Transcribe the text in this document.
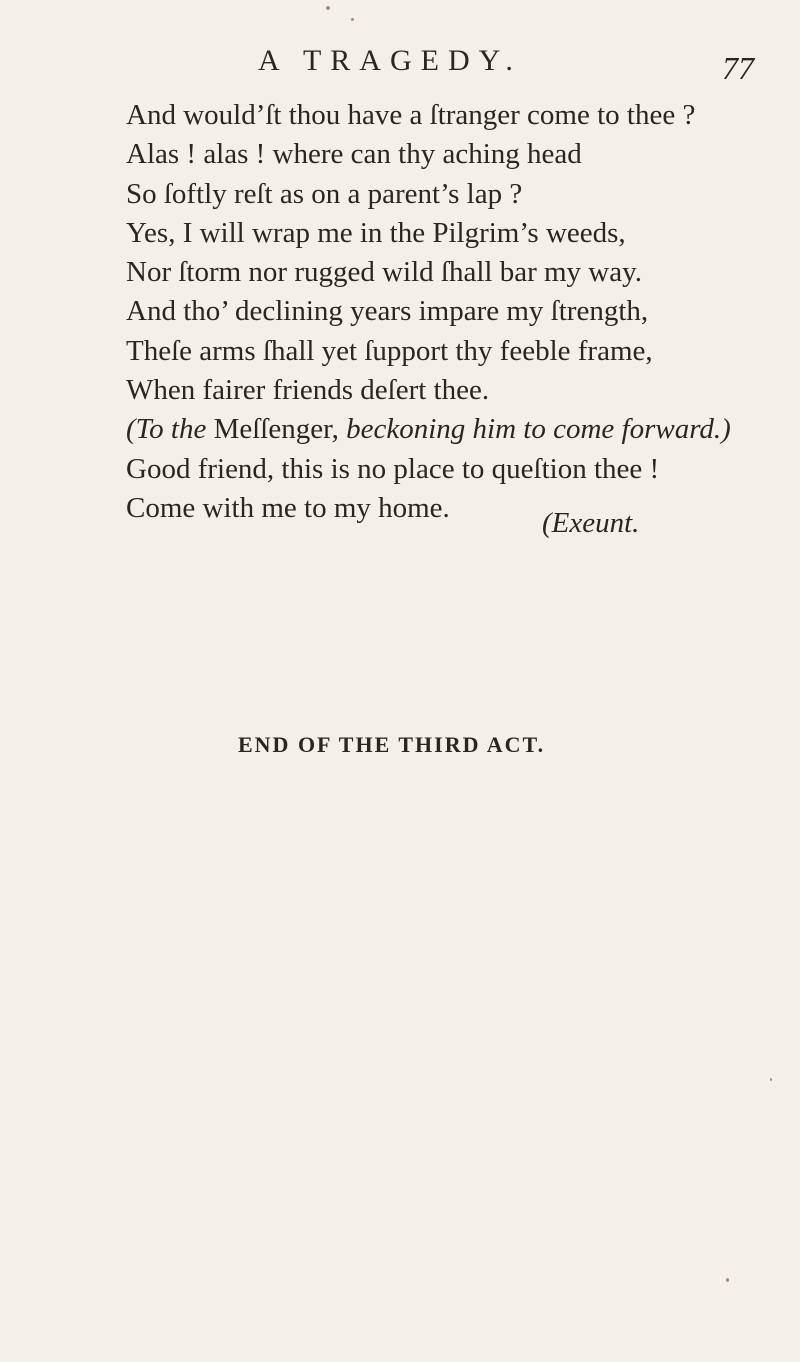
A TRAGEDY.	77
And would’ſt thou have a ſtranger come to thee ?
Alas ! alas ! where can thy aching head
So ſoftly reſt as on a parent’s lap ?
Yes, I will wrap me in the Pilgrim’s weeds,
Nor ſtorm nor rugged wild ſhall bar my way.
And tho’ declining years impare my ſtrength,
Theſe arms ſhall yet ſupport thy feeble frame,
When fairer friends deſert thee.
(To the Meſſenger, beckoning him to come forward.)
Good friend, this is no place to queſtion thee !
Come with me to my home.	(Exeunt.
END OF THE THIRD ACT.
